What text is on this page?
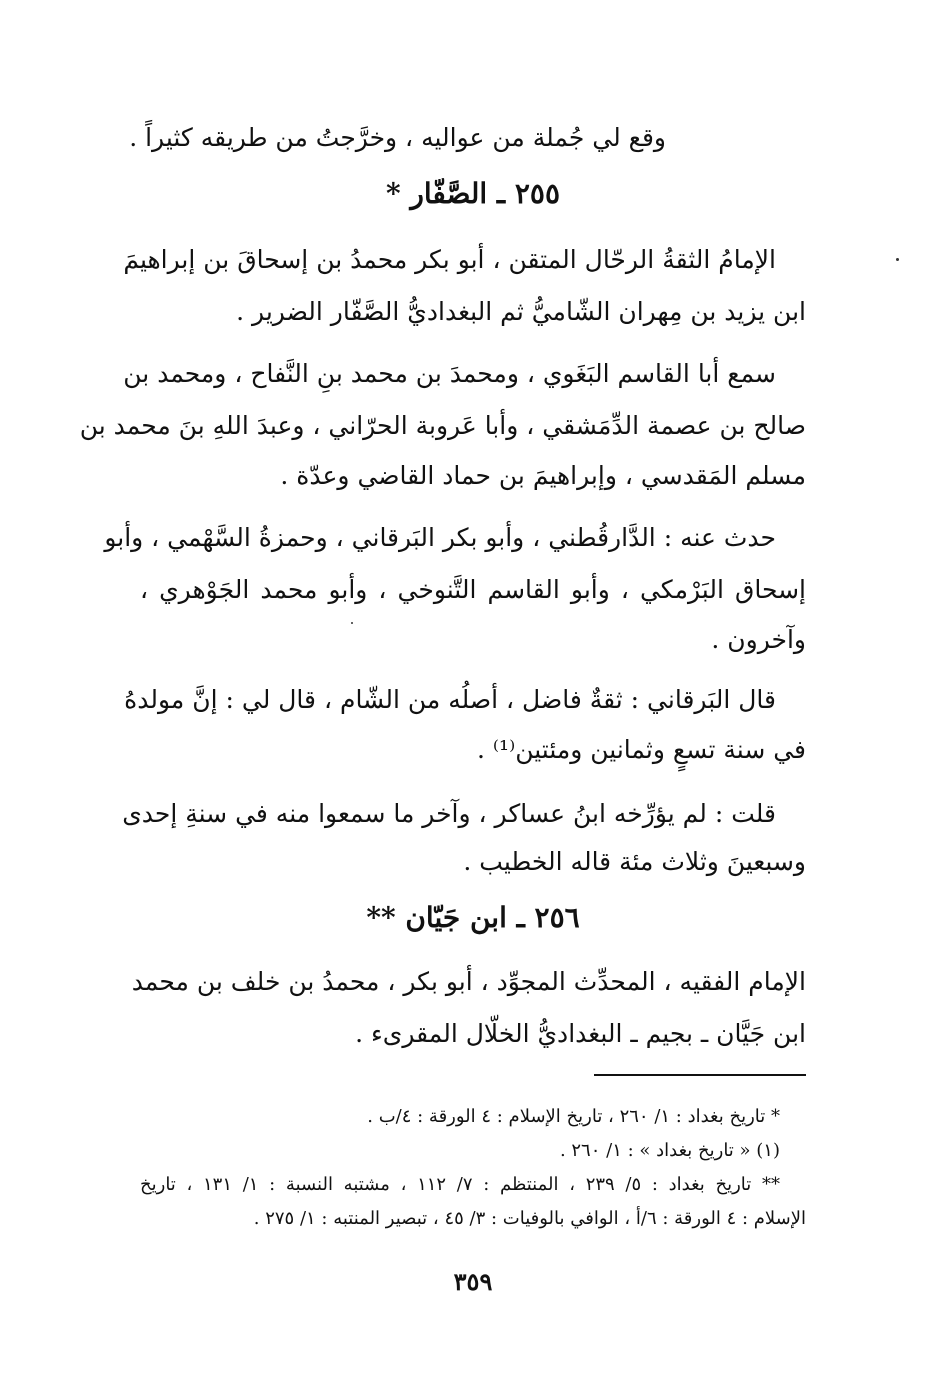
وقع لي جُملة من عواليه ، وخرَّجتُ من طريقه كثيراً .
٢٥٥ ـ الصَّفّار *
الإمامُ الثقةُ الرحّال المتقن ، أبو بكر محمدُ بن إسحاقَ بن إبراهيمَ
ابن يزيد بن مِهران الشّاميُّ ثم البغداديُّ الصَّفّار الضرير .
سمع أبا القاسم البَغَوي ، ومحمدَ بن محمد بنِ النَّفاح ، ومحمد بن
صالح بن عصمة الدِّمَشقي ، وأبا عَروبة الحرّاني ، وعبدَ اللهِ بنَ محمد بن
مسلم المَقدسي ، وإبراهيمَ بن حماد القاضي وعدّة .
حدث عنه : الدَّارقُطني ، وأبو بكر البَرقاني ، وحمزةُ السَّهْمي ، وأبو
إسحاق البَرْمكي ، وأبو القاسم التَّنوخي ، وأبو محمد الجَوْهري ،
وآخرون .
قال البَرقاني : ثقةٌ فاضل ، أصلُه من الشّام ، قال لي : إنَّ مولدهُ
في سنة تسعٍ وثمانين ومئتين⁽¹⁾ .
قلت : لم يؤرِّخه ابنُ عساكر ، وآخر ما سمعوا منه في سنةِ إحدى
وسبعينَ وثلاث مئة قاله الخطيب .
٢٥٦ ـ ابن جَيّان **
الإمام الفقيه ، المحدِّث المجوِّد ، أبو بكر ، محمدُ بن خلف بن محمد
ابن جَيَّان ـ بجيم ـ البغداديُّ الخلّال المقرىء .
* تاريخ بغداد : ١/ ٢٦٠ ، تاريخ الإسلام : ٤ الورقة : ٤/ب .
(١) « تاريخ بغداد » : ١/ ٢٦٠ .
** تاريخ بغداد : ٥/ ٢٣٩ ، المنتظم : ٧/ ١١٢ ، مشتبه النسبة : ١/ ١٣١ ، تاريخ
الإسلام : ٤ الورقة : ٦/أ ، الوافي بالوفيات : ٣/ ٤٥ ، تبصير المنتبه : ١/ ٢٧٥ .
٣٥٩
